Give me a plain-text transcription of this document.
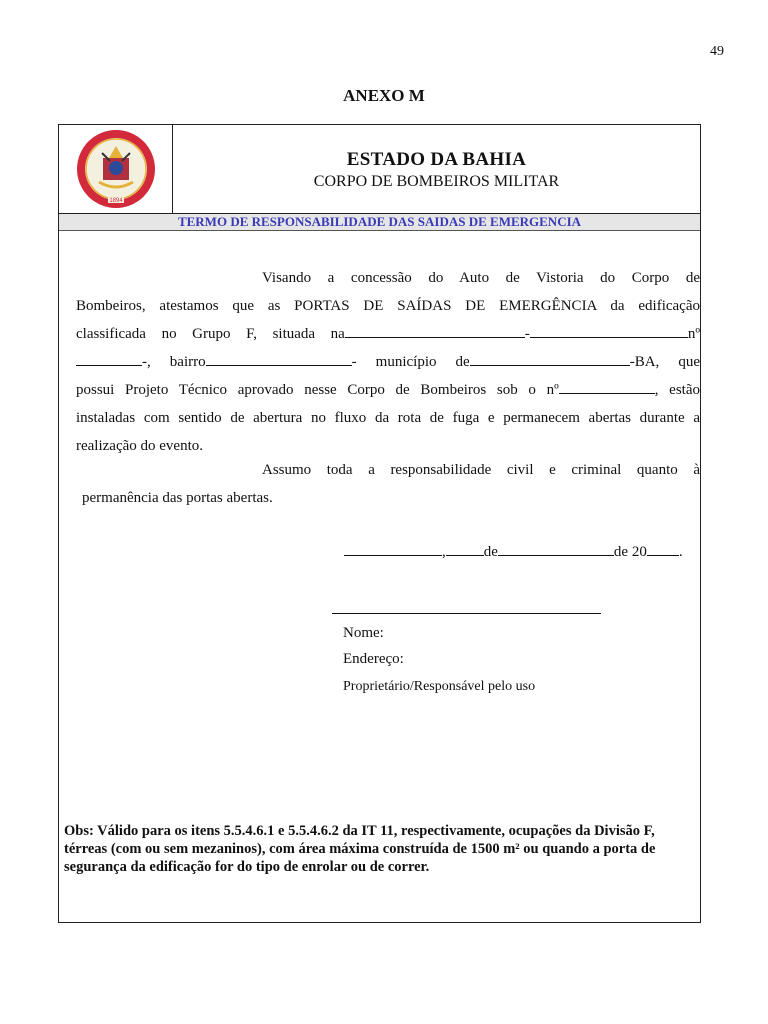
49
ANEXO M
1894
ESTADO DA BAHIA
CORPO DE BOMBEIROS MILITAR
TERMO DE RESPONSABILIDADE DAS SAIDAS DE EMERGENCIA
Visando a concessão do Auto de Vistoria do Corpo de
Bombeiros, atestamos que as PORTAS DE SAÍDAS DE EMERGÊNCIA da edificação
classificada no Grupo F, situada na	-	nº
-, bairro	- município de	-BA, que
possui Projeto Técnico aprovado nesse Corpo de Bombeiros sob o nº	, estão
instaladas com sentido de abertura no fluxo da rota de fuga e permanecem abertas durante a
realização do evento.
Assumo toda a responsabilidade civil e criminal quanto à
permanência das portas abertas.
,	de	de 20 .
Nome:
Endereço:
Proprietário/Responsável pelo uso
Obs: Válido para os itens 5.5.4.6.1 e 5.5.4.6.2 da IT 11, respectivamente, ocupações da Divisão F, térreas (com ou sem mezaninos), com área máxima construída de 1500 m² ou quando a porta de segurança da edificação for do tipo de enrolar ou de correr.
